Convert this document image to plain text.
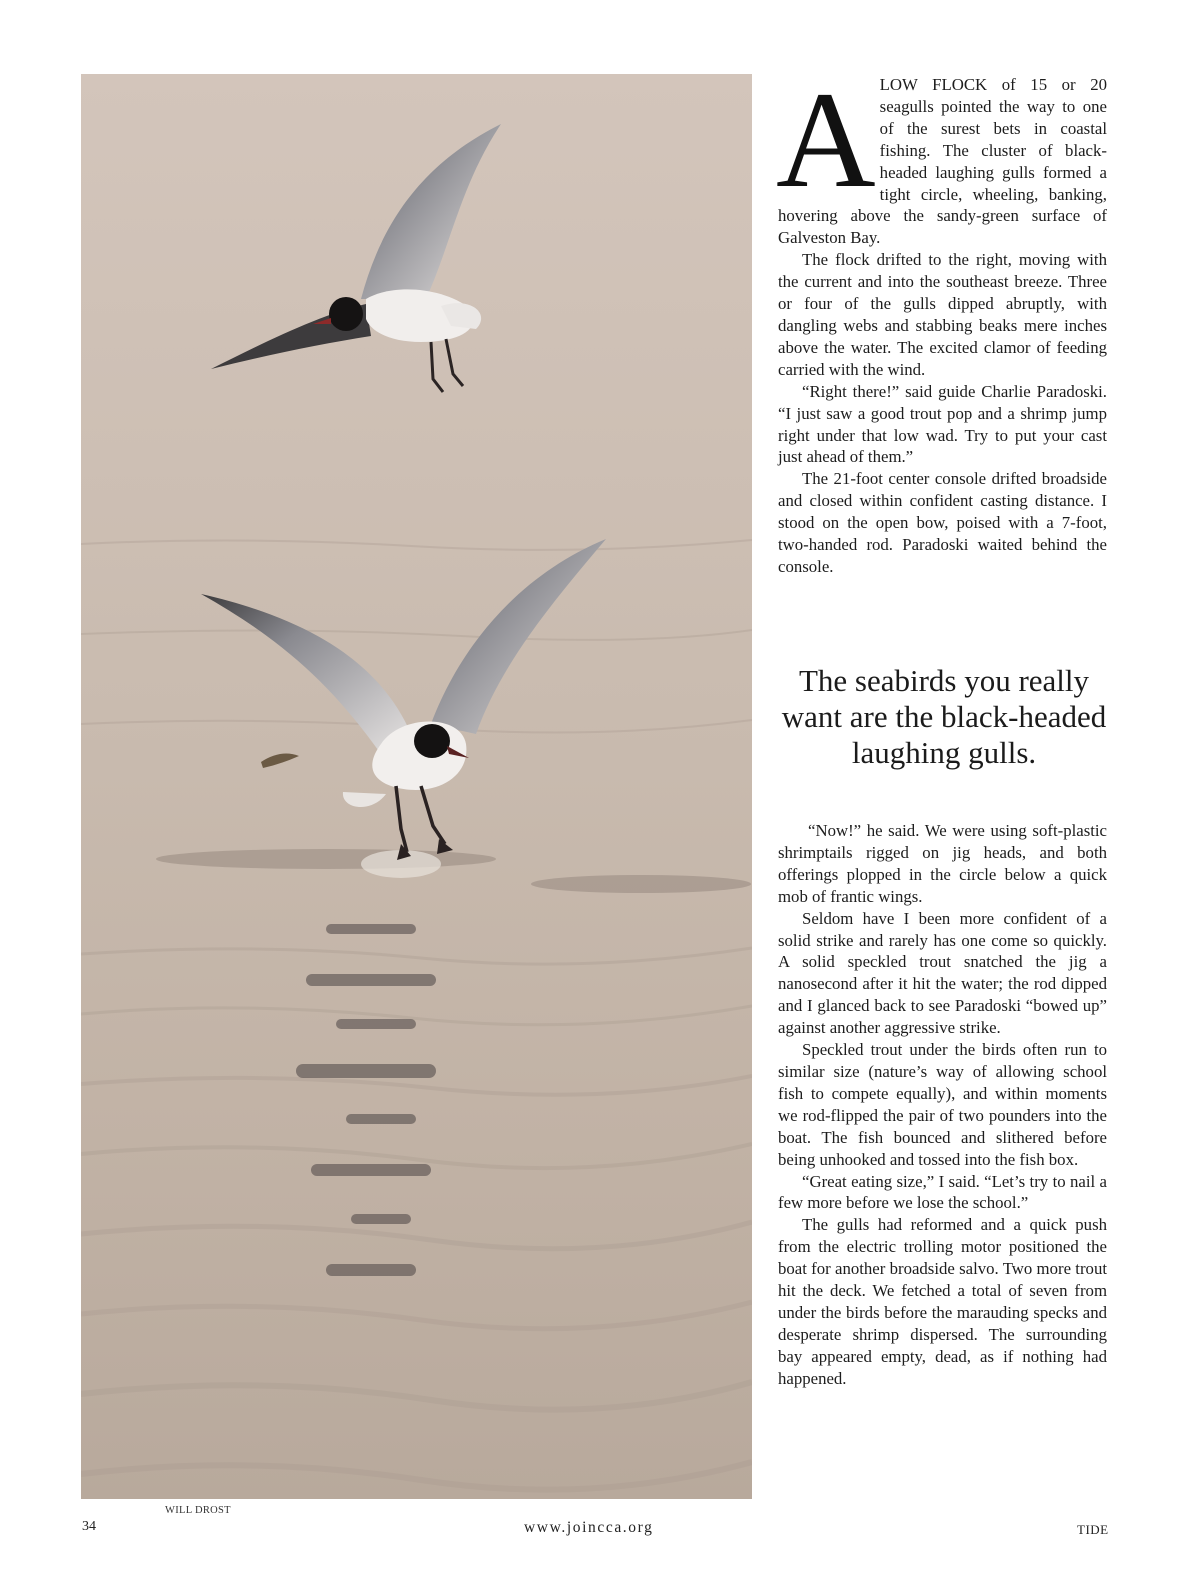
WILL DROST

ALOW FLOCK of 15 or 20 seagulls pointed the way to one of the surest bets in coastal fishing. The cluster of black-headed laughing gulls formed a tight circle, wheeling, banking, hovering above the sandy-green surface of Galveston Bay.

The flock drifted to the right, moving with the current and into the southeast breeze. Three or four of the gulls dipped abruptly, with dangling webs and stabbing beaks mere inches above the water. The excited clamor of feeding carried with the wind.

“Right there!” said guide Charlie Paradoski. “I just saw a good trout pop and a shrimp jump right under that low wad. Try to put your cast just ahead of them.”

The 21-foot center console drifted broadside and closed within confident casting distance. I stood on the open bow, poised with a 7-foot, two-handed rod. Paradoski waited behind the console.

The seabirds you really want are the black-headed laughing gulls.

“Now!” he said. We were using soft-plastic shrimptails rigged on jig heads, and both offerings plopped in the circle below a quick mob of frantic wings.

Seldom have I been more confident of a solid strike and rarely has one come so quickly. A solid speckled trout snatched the jig a nanosecond after it hit the water; the rod dipped and I glanced back to see Paradoski “bowed up” against another aggressive strike.

Speckled trout under the birds often run to similar size (nature’s way of allowing school fish to compete equally), and within moments we rod-flipped the pair of two pounders into the boat. The fish bounced and slithered before being unhooked and tossed into the fish box.

“Great eating size,” I said. “Let’s try to nail a few more before we lose the school.”

The gulls had reformed and a quick push from the electric trolling motor positioned the boat for another broadside salvo. Two more trout hit the deck. We fetched a total of seven from under the birds before the marauding specks and desperate shrimp dispersed. The surrounding bay appeared empty, dead, as if nothing had happened.

34	www.joincca.org	TIDE
